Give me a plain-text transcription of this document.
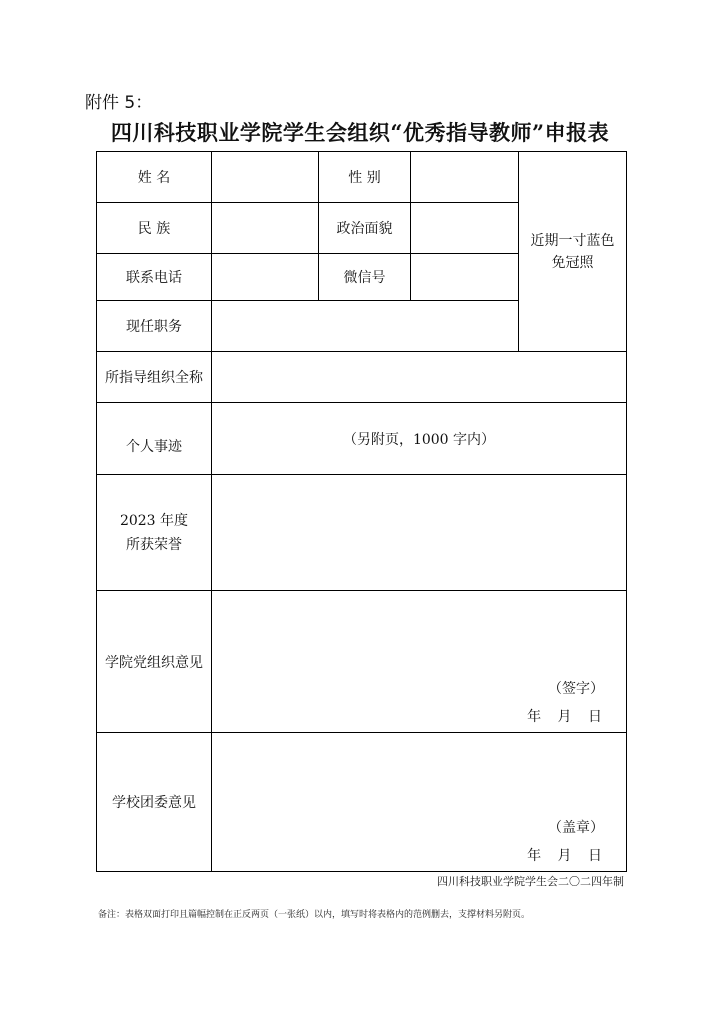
附件 5：
四川科技职业学院学生会组织“优秀指导教师”申报表
姓 名		性 别		近期一寸蓝色免冠照

民 族		政治面貌		
联系电话		微信号		
现任职务				
所指导组织全称				
个人事迹	（另附页，1000 字内）			

2023 年度
所获荣誉				

学院党组织意见	（签字）
年 月 日			

学校团委意见	（盖章）
年 月 日			
四川科技职业学院学生会二〇二四年制
备注：表格双面打印且篇幅控制在正反两页（一张纸）以内，填写时将表格内的范例删去，支撑材料另附页。
